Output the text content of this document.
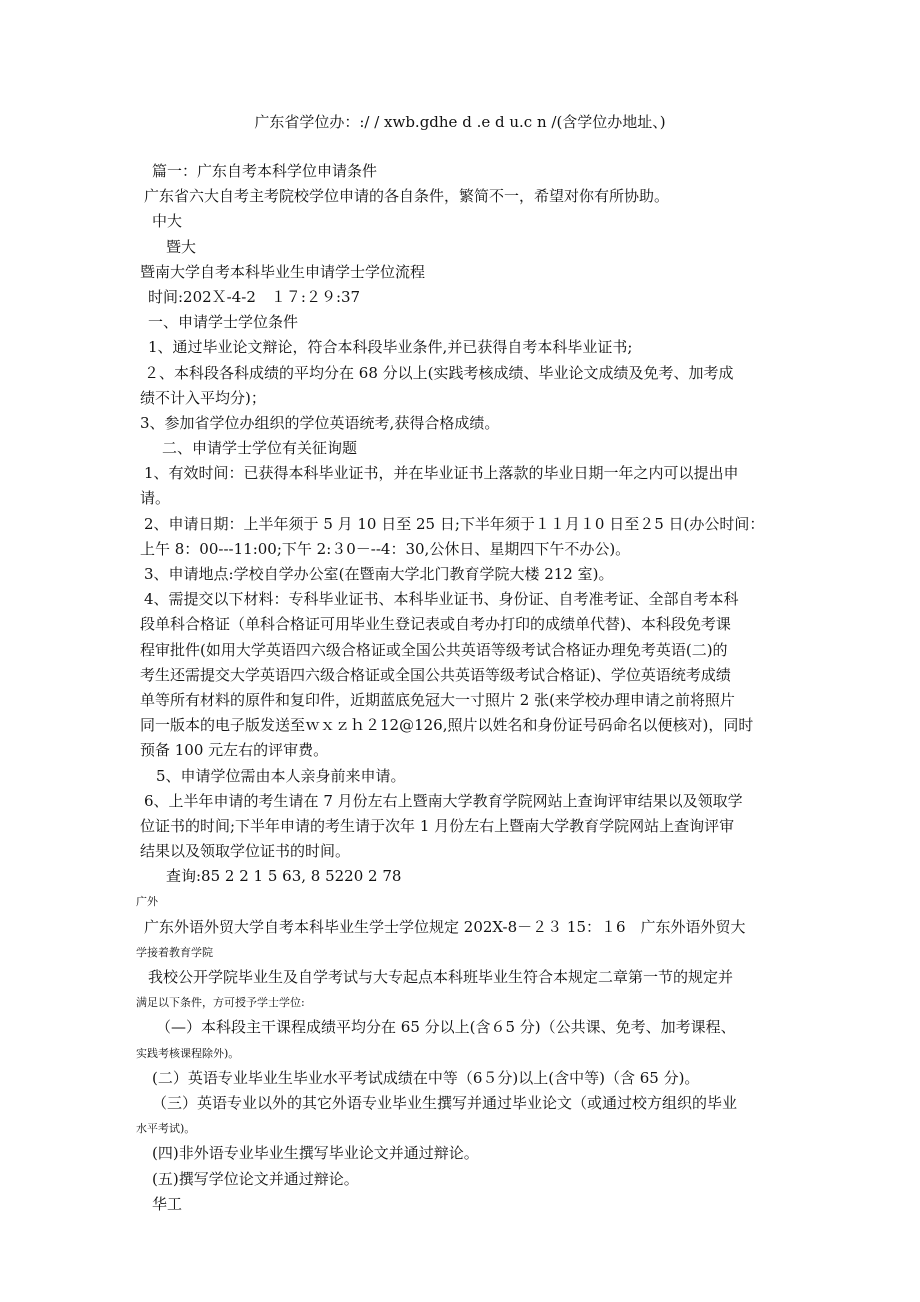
广东省学位办：:/ / xwb.gdhe d .e d u.c n /(含学位办地址、)
篇一：广东自考本科学位申请条件
广东省六大自考主考院校学位申请的各自条件，繁简不一，希望对你有所协助。
中大
暨大
暨南大学自考本科毕业生申请学士学位流程
时间:202Ｘ-4-2　１７:２９:37
一、申请学士学位条件
1、通过毕业论文辩论，符合本科段毕业条件,并已获得自考本科毕业证书;
２、本科段各科成绩的平均分在 68 分以上(实践考核成绩、毕业论文成绩及免考、加考成
绩不计入平均分)；
3、参加省学位办组织的学位英语统考,获得合格成绩。
二、申请学士学位有关征询题
1、有效时间：已获得本科毕业证书，并在毕业证书上落款的毕业日期一年之内可以提出申
请。
2、申请日期：上半年须于 5 月 10 日至 25 日;下半年须于１１月１0 日至２5 日(办公时间：
上午 8：00---11:00;下午 2:３0－--4：30,公休日、星期四下午不办公)。
3、申请地点:学校自学办公室(在暨南大学北门教育学院大楼 212 室)。
4、需提交以下材料：专科毕业证书、本科毕业证书、身份证、自考准考证、全部自考本科
段单科合格证（单科合格证可用毕业生登记表或自考办打印的成绩单代替)、本科段免考课
程审批件(如用大学英语四六级合格证或全国公共英语等级考试合格证办理免考英语(二)的
考生还需提交大学英语四六级合格证或全国公共英语等级考试合格证)、学位英语统考成绩
单等所有材料的原件和复印件，近期蓝底免冠大一寸照片 2 张(来学校办理申请之前将照片
同一版本的电子版发送至ｗｘｚｈ２12@126,照片以姓名和身份证号码命名以便核对)，同时
预备 100 元左右的评审费。
5、申请学位需由本人亲身前来申请。
6、上半年申请的考生请在 7 月份左右上暨南大学教育学院网站上查询评审结果以及领取学
位证书的时间;下半年申请的考生请于次年 1 月份左右上暨南大学教育学院网站上查询评审
结果以及领取学位证书的时间。
查询:85 2 2 1 5 63, 8 5220 2 78
广外
广东外语外贸大学自考本科毕业生学士学位规定 202X-8－２３ 15：１6　广东外语外贸大
学接着教育学院
我校公开学院毕业生及自学考试与大专起点本科班毕业生符合本规定二章第一节的规定并
满足以下条件，方可授予学士学位:
（—）本科段主干课程成绩平均分在 65 分以上(含６5 分)（公共课、免考、加考课程、
实践考核课程除外)。
(二）英语专业毕业生毕业水平考试成绩在中等（6５分)以上(含中等)（含 65 分)。
（三）英语专业以外的其它外语专业毕业生撰写并通过毕业论文（或通过校方组织的毕业
水平考试)。
(四)非外语专业毕业生撰写毕业论文并通过辩论。
(五)撰写学位论文并通过辩论。
华工
